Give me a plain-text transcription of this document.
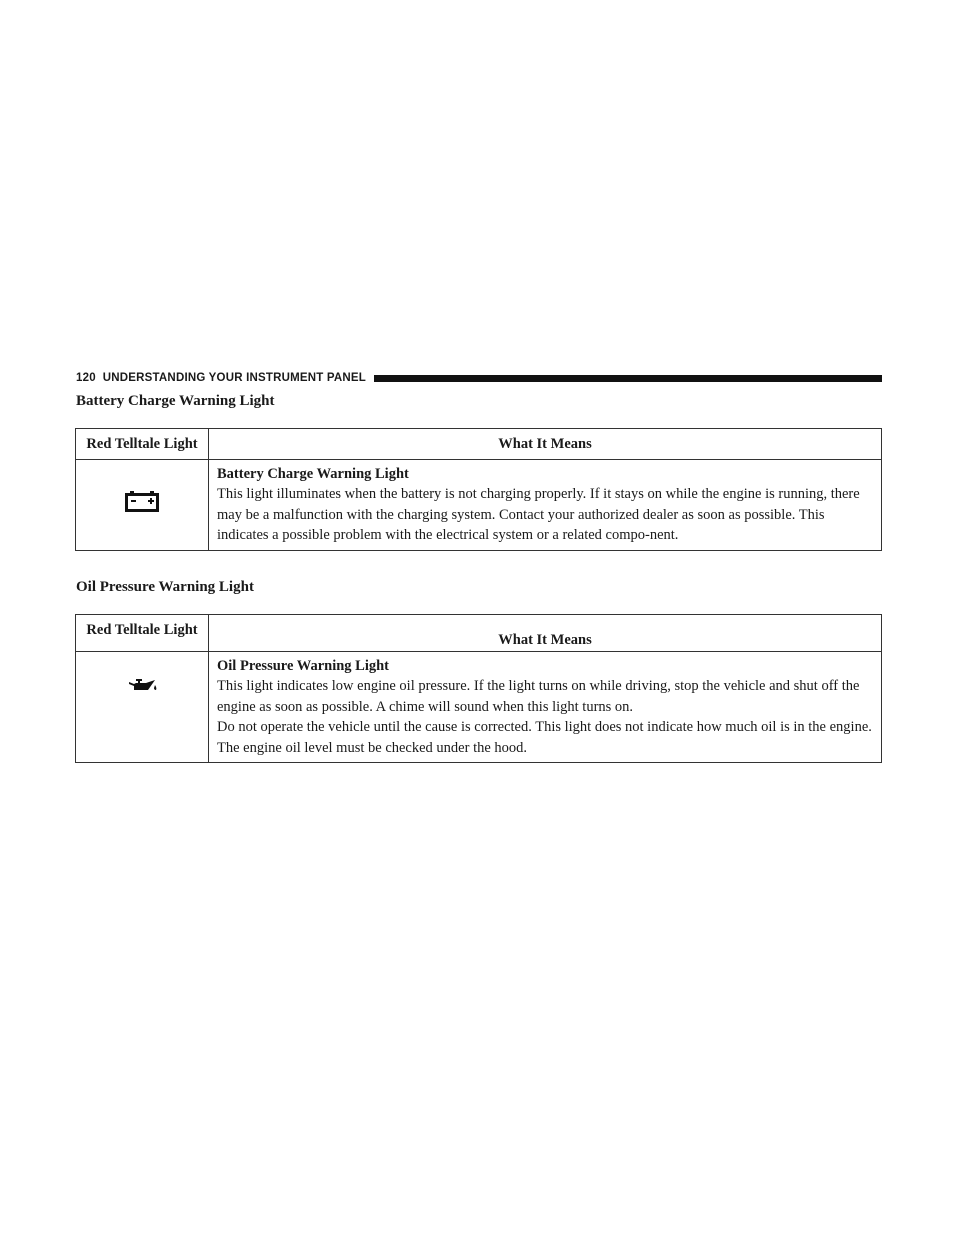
120 UNDERSTANDING YOUR INSTRUMENT PANEL
Battery Charge Warning Light
Red Telltale Light	What It Means

Battery Charge Warning Light
This light illuminates when the battery is not charging properly. If it stays on while the engine is running, there may be a malfunction with the charging system. Contact your authorized dealer as soon as possible. This indicates a possible problem with the electrical system or a related compo-nent.
Oil Pressure Warning Light
Red Telltale Light	What It Means

Oil Pressure Warning Light
This light indicates low engine oil pressure. If the light turns on while driving, stop the vehicle and shut off the engine as soon as possible. A chime will sound when this light turns on.
Do not operate the vehicle until the cause is corrected. This light does not indicate how much oil is in the engine. The engine oil level must be checked under the hood.
